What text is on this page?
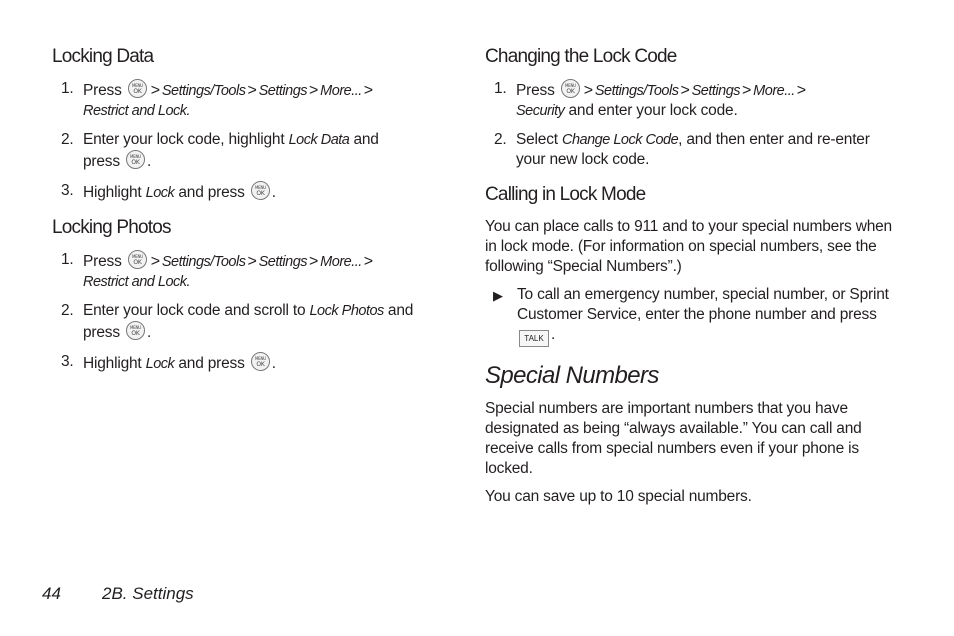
Locking Data
1. Press	MENU
OK > Settings/Tools > Settings > More... >
Restrict and Lock.
2. Enter your lock code, highlight Lock Data and
press	MENU
OK .
3. Highlight Lock and press	MENU
OK .
Locking Photos
1. Press	MENU
OK > Settings/Tools > Settings > More... >
Restrict and Lock.
2. Enter your lock code and scroll to Lock Photos and
press	MENU
OK .
3. Highlight Lock and press	MENU
OK .
Changing the Lock Code
1. Press	MENU
OK > Settings/Tools > Settings > More... >
Security and enter your lock code.
2. Select Change Lock Code, and then enter and re-enter your new lock code.
Calling in Lock Mode

You can place calls to 911 and to your special numbers when in lock mode. (For information on special numbers, see the following “Special Numbers”.)

▶ To call an emergency number, special number, or Sprint Customer Service, enter the phone number and press TALK .
Special Numbers

Special numbers are important numbers that you have designated as being “always available.” You can call and receive calls from special numbers even if your phone is locked.

You can save up to 10 special numbers.

44 2B. Settings
